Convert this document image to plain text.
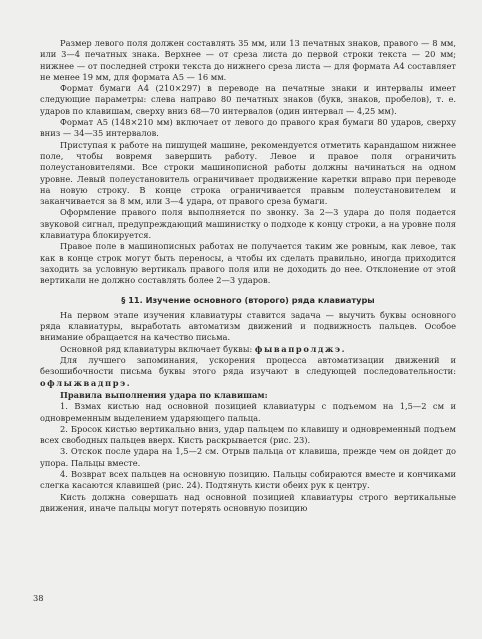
Размер левого поля должен составлять 35 мм, или 13 печатных знаков, правого — 8 мм, или 3—4 печатных знака. Верхнее — от среза листа до первой строки текста — 20 мм; нижнее — от последней строки текста до нижнего среза листа — для формата А4 составляет не менее 19 мм, для формата А5 — 16 мм.

Формат бумаги А4 (210×297) в переводе на печатные знаки и интервалы имеет следующие параметры: слева направо 80 печатных знаков (букв, знаков, пробелов), т. е. ударов по клавишам, сверху вниз 68—70 интервалов (один интервал — 4,25 мм).

Формат А5 (148×210 мм) включает от левого до правого края бумаги 80 ударов, сверху вниз — 34—35 интервалов.

Приступая к работе на пишущей машине, рекомендуется отметить карандашом нижнее поле, чтобы вовремя завершить работу. Левое и правое поля ограничить полеустановителями. Все строки машинописной работы должны начинаться на одном уровне. Левый полеустановитель ограничивает продвижение каретки вправо при переводе на новую строку. В конце строка ограничивается правым полеустановителем и заканчивается за 8 мм, или 3—4 удара, от правого среза бумаги.

Оформление правого поля выполняется по звонку. За 2—3 удара до поля подается звуковой сигнал, предупреждающий машинистку о подходе к концу строки, а на уровне поля клавиатура блокируется.

Правое поле в машинописных работах не получается таким же ровным, как левое, так как в конце строк могут быть переносы, а чтобы их сделать правильно, иногда приходится заходить за условную вертикаль правого поля или не доходить до нее. Отклонение от этой вертикали не должно составлять более 2—3 ударов.

§ 11. Изучение основного (второго) ряда клавиатуры

На первом этапе изучения клавиатуры ставится задача — выучить буквы основного ряда клавиатуры, выработать автоматизм движений и подвижность пальцев. Особое внимание обращается на качество письма.

Основной ряд клавиатуры включает буквы: фывапролджэ.

Для лучшего запоминания, ускорения процесса автоматизации движений и безошибочности письма буквы этого ряда изучают в следующей последовательности: офлыжвадпрэ.

Правила выполнения удара по клавишам:

1. Взмах кистью над основной позицией клавиатуры с подъемом на 1,5—2 см и одновременным выделением ударяющего пальца.

2. Бросок кистью вертикально вниз, удар пальцем по клавишу и одновременный подъем всех свободных пальцев вверх. Кисть раскрывается (рис. 23).

3. Отскок после удара на 1,5—2 см. Отрыв пальца от клавиша, прежде чем он дойдет до упора. Пальцы вместе.

4. Возврат всех пальцев на основную позицию. Пальцы собираются вместе и кончиками слегка касаются клавишей (рис. 24). Подтянуть кисти обеих рук к центру.

Кисть должна совершать над основной позицией клавиатуры строго вертикальные движения, иначе пальцы могут потерять основную позицию

38
